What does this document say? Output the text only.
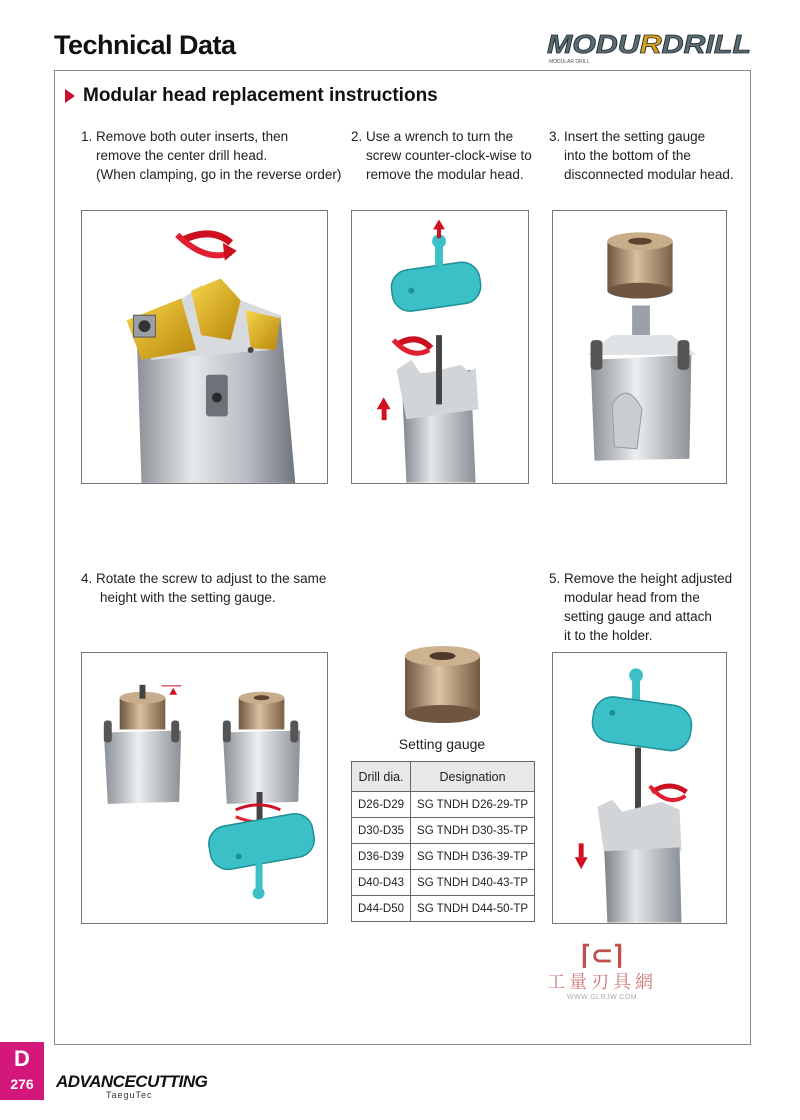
Technical Data	MODU R DRILL
MODULAR DRILL
Modular head replacement instructions
1. Remove both outer inserts, then
remove the center drill head.
(When clamping, go in the reverse order)
2. Use a wrench to turn the
screw counter-clock-wise to
remove the modular head.
3. Insert the setting gauge
into the bottom of the
disconnected modular head.
4. Rotate the screw to adjust to the same
height with the setting gauge.
5. Remove the height adjusted
modular head from the
setting gauge and attach
it to the holder.
Setting gauge
Drill dia.	Designation
D26-D29	SG TNDH D26-29-TP
D30-D35	SG TNDH D30-35-TP
D36-D39	SG TNDH D36-39-TP
D40-D43	SG TNDH D40-43-TP
D44-D50	SG TNDH D44-50-TP
⌈⊂⌉
工量刃具網
WWW.GLRJW.COM
D
276	ADVANCECUTTING
TaeguTec
